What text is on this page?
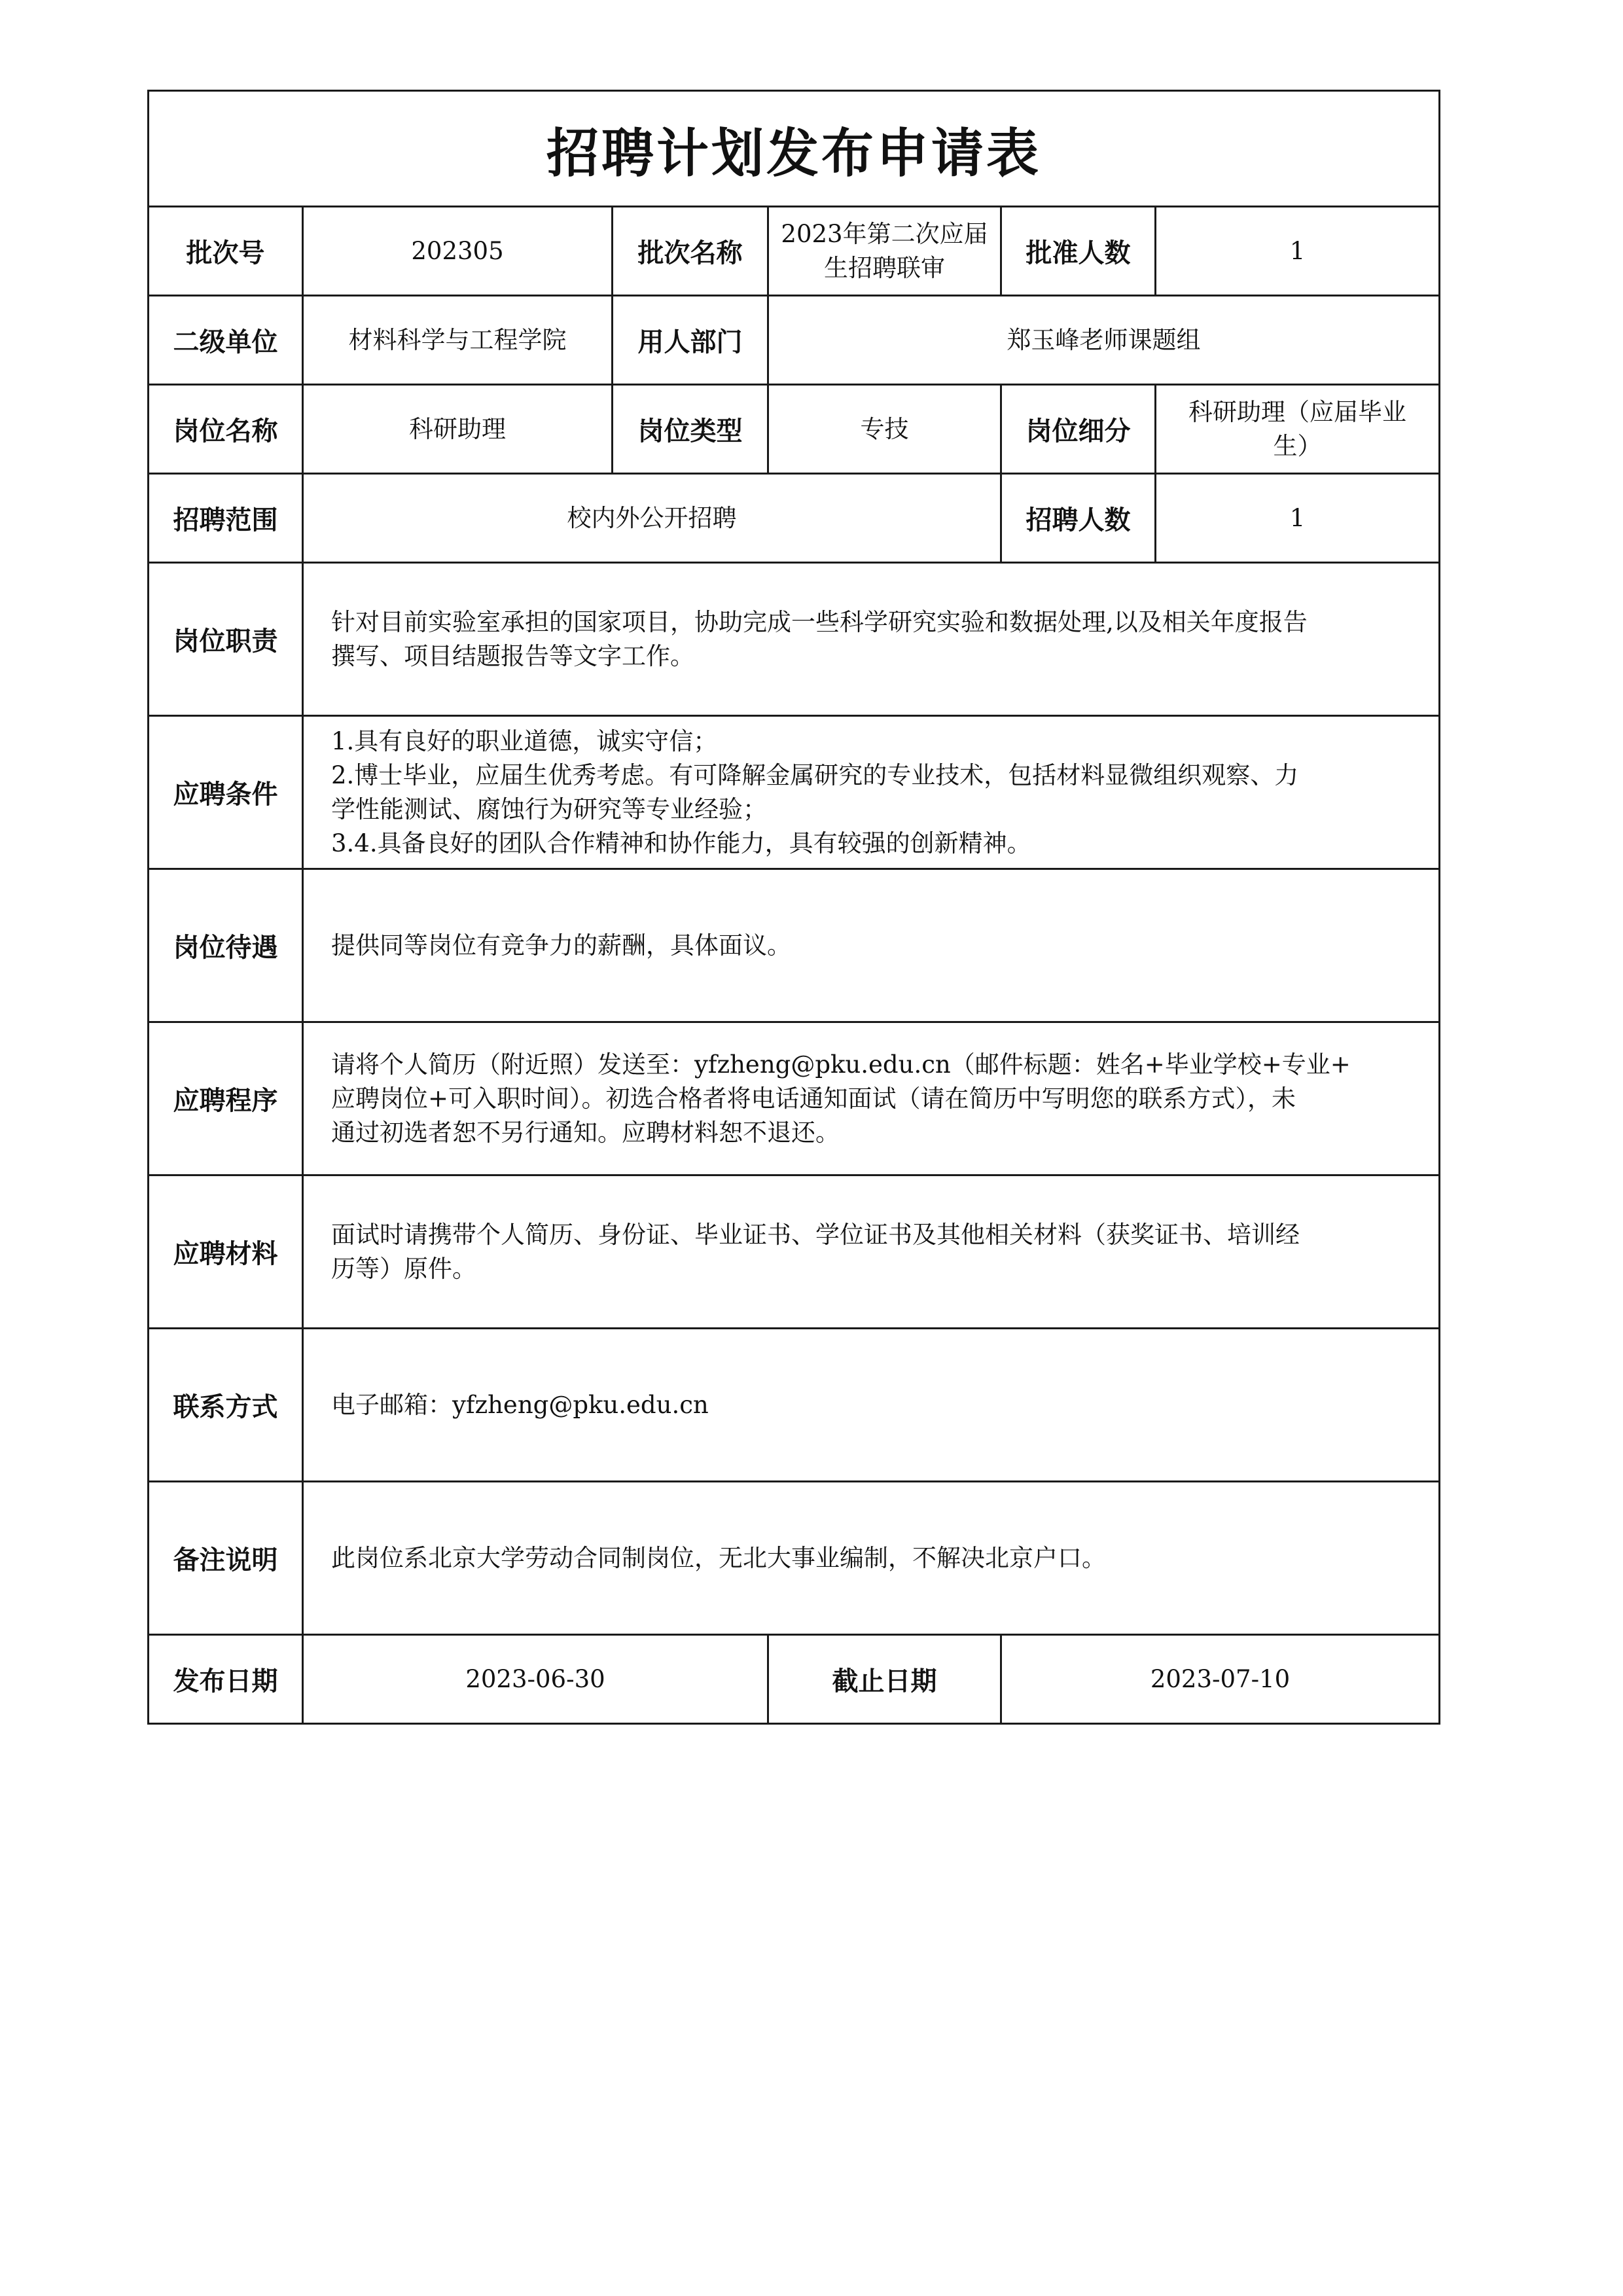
招聘计划发布申请表					
批次号	202305	批次名称	2023年第二次应届
生招聘联审	批准人数	1
二级单位	材料科学与工程学院	用人部门	郑玉峰老师课题组		
岗位名称	科研助理	岗位类型	专技	岗位细分	科研助理（应届毕业
生）

招聘范围	校内外公开招聘			招聘人数	1
岗位职责	针对目前实验室承担的国家项目，协助完成一些科学研究实验和数据处理,以及相关年度报告
撰写、项目结题报告等文字工作。				

应聘条件	1.具有良好的职业道德，诚实守信；
2.博士毕业，应届生优秀考虑。有可降解金属研究的专业技术，包括材料显微组织观察、力
学性能测试、腐蚀行为研究等专业经验；
3.4.具备良好的团队合作精神和协作能力，具有较强的创新精神。				

岗位待遇	提供同等岗位有竞争力的薪酬，具体面议。				

应聘程序	请将个人简历（附近照）发送至：yfzheng@pku.edu.cn（邮件标题：姓名+毕业学校+专业+
应聘岗位+可入职时间）。初选合格者将电话通知面试（请在简历中写明您的联系方式），未
通过初选者恕不另行通知。应聘材料恕不退还。				

应聘材料	面试时请携带个人简历、身份证、毕业证书、学位证书及其他相关材料（获奖证书、培训经
历等）原件。				

联系方式	电子邮箱：yfzheng@pku.edu.cn				

备注说明	此岗位系北京大学劳动合同制岗位，无北大事业编制，不解决北京户口。				

发布日期	2023-06-30		截止日期	2023-07-10	
